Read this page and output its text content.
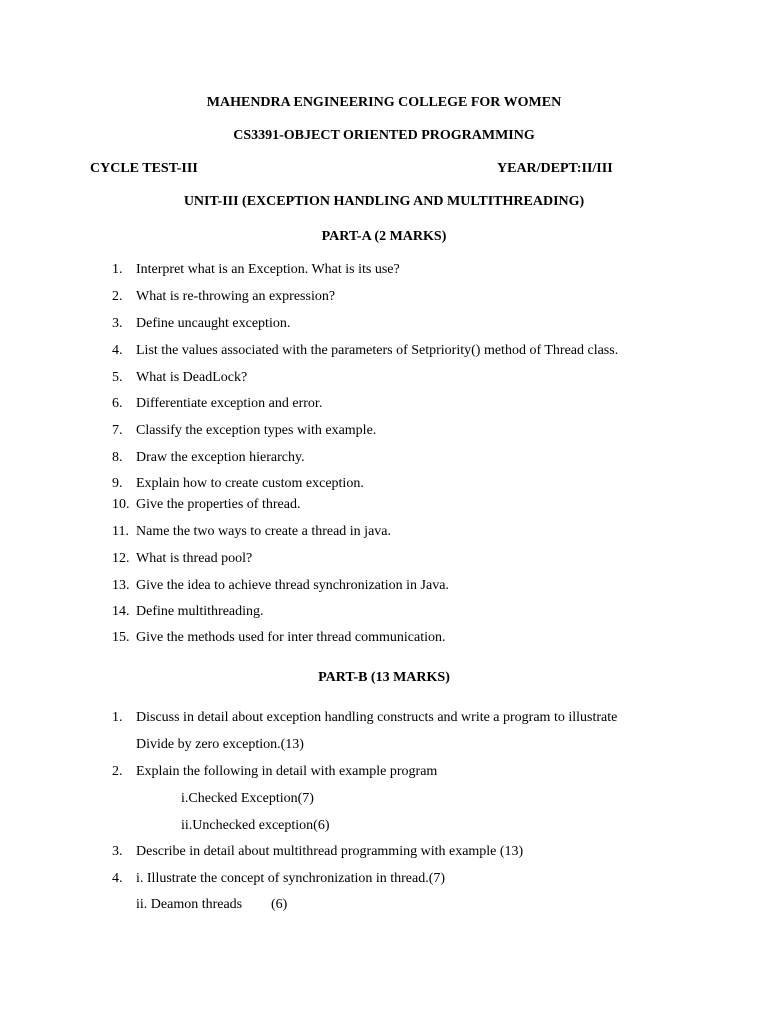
MAHENDRA ENGINEERING COLLEGE FOR WOMEN
CS3391-OBJECT ORIENTED PROGRAMMING
CYCLE TEST-III	YEAR/DEPT:II/III
UNIT-III (EXCEPTION HANDLING AND MULTITHREADING)
PART-A (2 MARKS)
1. Interpret what is an Exception. What is its use?
2. What is re-throwing an expression?
3. Define uncaught exception.
4. List the values associated with the parameters of Setpriority() method of Thread class.
5. What is DeadLock?
6. Differentiate exception and error.
7. Classify the exception types with example.
8. Draw the exception hierarchy.
9. Explain how to create custom exception.
10. Give the properties of thread.
11. Name the two ways to create a thread in java.
12. What is thread pool?
13. Give the idea to achieve thread synchronization in Java.
14. Define multithreading.
15. Give the methods used for inter thread communication.
PART-B (13 MARKS)
1. Discuss in detail about exception handling constructs and write a program to illustrate
Divide by zero exception.(13)
2. Explain the following in detail with example program
i.Checked Exception(7)
ii.Unchecked exception(6)
3. Describe in detail about multithread programming with example (13)
4. i. Illustrate the concept of synchronization in thread.(7)
ii. Deamon threads (6)
